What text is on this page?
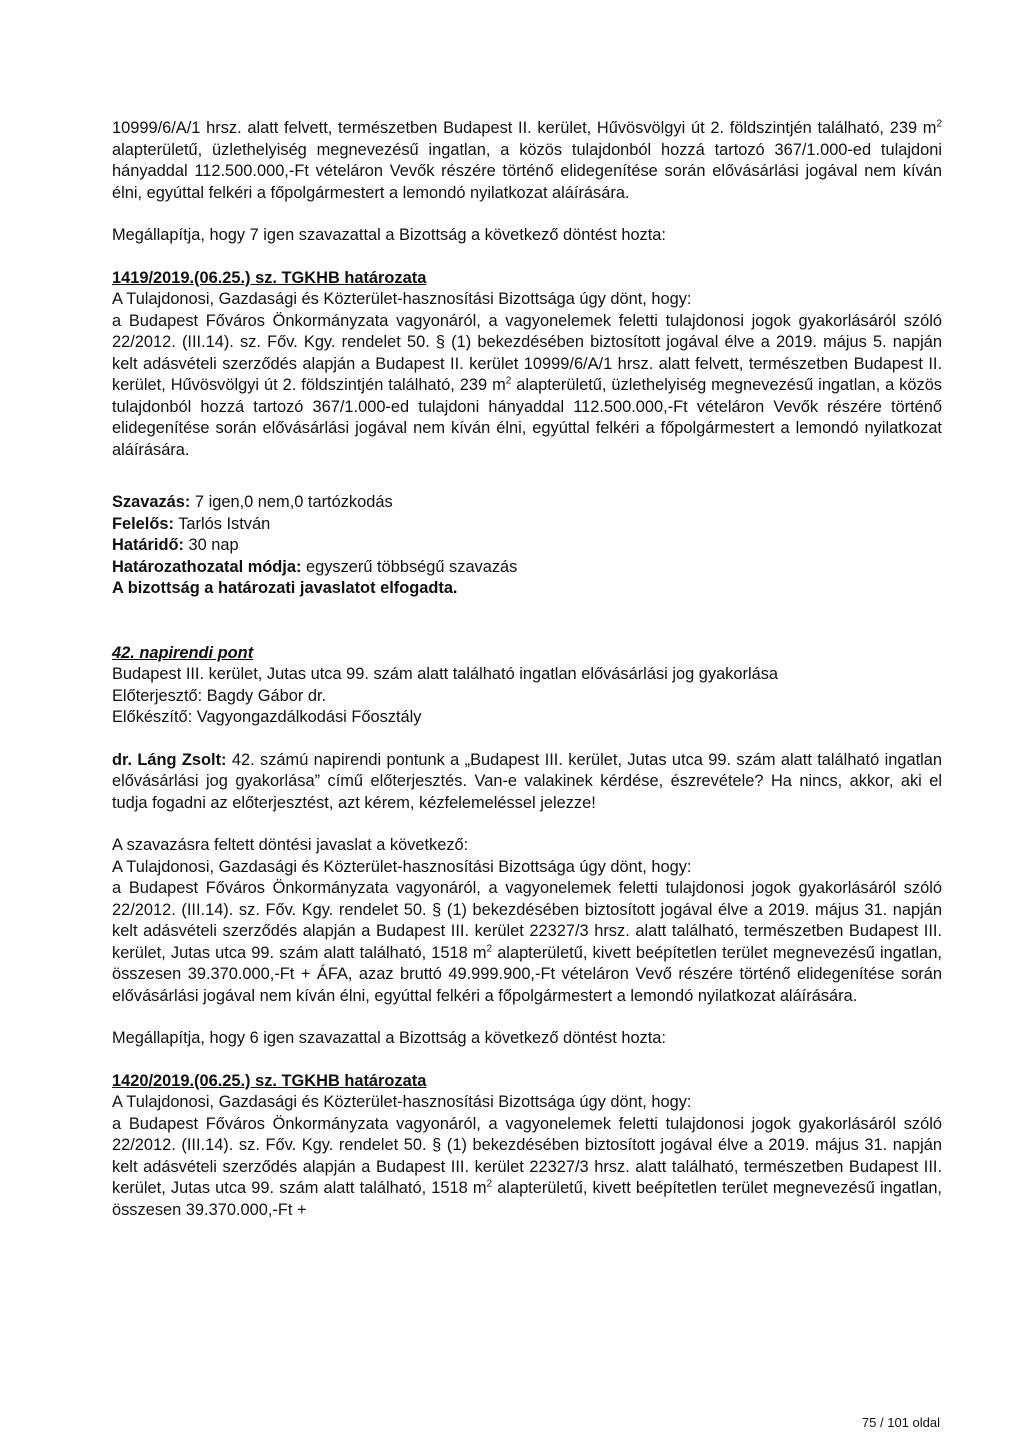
10999/6/A/1 hrsz. alatt felvett, természetben Budapest II. kerület, Hűvösvölgyi út 2. földszintjén található, 239 $m^2$ alapterületű, üzlethelyiség megnevezésű ingatlan, a közös tulajdonból hozzá tartozó 367/1.000-ed tulajdoni hányaddal 112.500.000,-Ft vételáron Vevők részére történő elidegenítése során elővásárlási jogával nem kíván élni, egyúttal felkéri a főpolgármestert a lemondó nyilatkozat aláírására.

Megállapítja, hogy 7 igen szavazattal a Bizottság a következő döntést hozta:

1419/2019.(06.25.) sz. TGKHB határozata

A Tulajdonosi, Gazdasági és Közterület-hasznosítási Bizottsága úgy dönt, hogy:

a Budapest Főváros Önkormányzata vagyonáról, a vagyonelemek feletti tulajdonosi jogok gyakorlásáról szóló 22/2012. (III.14). sz. Főv. Kgy. rendelet 50. § (1) bekezdésében biztosított jogával élve a 2019. május 5. napján kelt adásvételi szerződés alapján a Budapest II. kerület 10999/6/A/1 hrsz. alatt felvett, természetben Budapest II. kerület, Hűvösvölgyi út 2. földszintjén található, 239 $m^2$ alapterületű, üzlethelyiség megnevezésű ingatlan, a közös tulajdonból hozzá tartozó 367/1.000-ed tulajdoni hányaddal 112.500.000,-Ft vételáron Vevők részére történő elidegenítése során elővásárlási jogával nem kíván élni, egyúttal felkéri a főpolgármestert a lemondó nyilatkozat aláírására.

Szavazás: 7 igen,0 nem,0 tartózkodás

Felelős: Tarlós István

Határidő: 30 nap

Határozathozatal módja: egyszerű többségű szavazás

A bizottság a határozati javaslatot elfogadta.

42. napirendi pont

Budapest III. kerület, Jutas utca 99. szám alatt található ingatlan elővásárlási jog gyakorlása

Előterjesztő: Bagdy Gábor dr.

Előkészítő: Vagyongazdálkodási Főosztály

dr. Láng Zsolt: 42. számú napirendi pontunk a „Budapest III. kerület, Jutas utca 99. szám alatt található ingatlan elővásárlási jog gyakorlása” című előterjesztés. Van-e valakinek kérdése, észrevétele? Ha nincs, akkor, aki el tudja fogadni az előterjesztést, azt kérem, kézfelemeléssel jelezze!

A szavazásra feltett döntési javaslat a következő:

A Tulajdonosi, Gazdasági és Közterület-hasznosítási Bizottsága úgy dönt, hogy:

a Budapest Főváros Önkormányzata vagyonáról, a vagyonelemek feletti tulajdonosi jogok gyakorlásáról szóló 22/2012. (III.14). sz. Főv. Kgy. rendelet 50. § (1) bekezdésében biztosított jogával élve a 2019. május 31. napján kelt adásvételi szerződés alapján a Budapest III. kerület 22327/3 hrsz. alatt található, természetben Budapest III. kerület, Jutas utca 99. szám alatt található, 1518 $m^2$ alapterületű, kivett beépítetlen terület megnevezésű ingatlan, összesen 39.370.000,-Ft + ÁFA, azaz bruttó 49.999.900,-Ft vételáron Vevő részére történő elidegenítése során elővásárlási jogával nem kíván élni, egyúttal felkéri a főpolgármestert a lemondó nyilatkozat aláírására.

Megállapítja, hogy 6 igen szavazattal a Bizottság a következő döntést hozta:

1420/2019.(06.25.) sz. TGKHB határozata

A Tulajdonosi, Gazdasági és Közterület-hasznosítási Bizottsága úgy dönt, hogy:

a Budapest Főváros Önkormányzata vagyonáról, a vagyonelemek feletti tulajdonosi jogok gyakorlásáról szóló 22/2012. (III.14). sz. Főv. Kgy. rendelet 50. § (1) bekezdésében biztosított jogával élve a 2019. május 31. napján kelt adásvételi szerződés alapján a Budapest III. kerület 22327/3 hrsz. alatt található, természetben Budapest III. kerület, Jutas utca 99. szám alatt található, 1518 $m^2$ alapterületű, kivett beépítetlen terület megnevezésű ingatlan, összesen 39.370.000,-Ft +

75 / 101 oldal
